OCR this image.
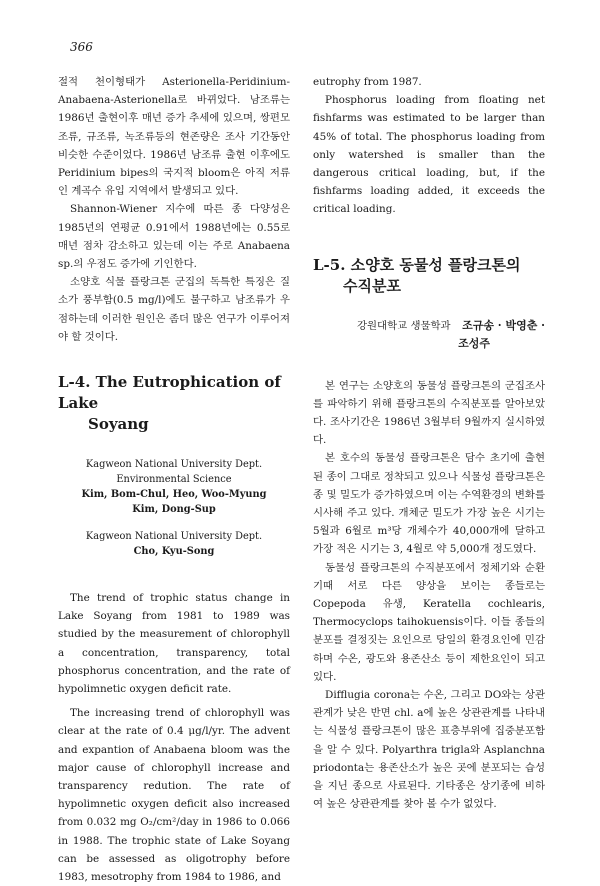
366

절적 천이형태가 Asterionella-Peridinium-Anabaena-Asterionella로 바뀌었다. 남조류는 1986년 출현이후 매년 증가 추세에 있으며, 쌍편모조류, 규조류, 녹조류등의 현존량은 조사 기간동안 비슷한 수준이었다. 1986년 남조류 출현 이후에도 Peridinium bipes의 국지적 bloom은 아직 저류인 계곡수 유입 지역에서 발생되고 있다.

Shannon-Wiener 지수에 따른 종 다양성은 1985년의 연평균 0.91에서 1988년에는 0.55로 매년 점차 감소하고 있는데 이는 주로 Anabaena sp.의 우점도 증가에 기인한다.

소양호 식물 플랑크톤 군집의 독특한 특징은 질소가 풍부함(0.5 mg/l)에도 불구하고 남조류가 우점하는데 이러한 원인은 좀더 많은 연구가 이루어져야 할 것이다.

L-4. The Eutrophication of Lake
Soyang

Kagweon National University Dept.

Environmental Science

Kim, Bom-Chul, Heo, Woo-Myung

Kim, Dong-Sup

Kagweon National University Dept.

Cho, Kyu-Song

The trend of trophic status change in Lake Soyang from 1981 to 1989 was studied by the measurement of chlorophyll a concentration, transparency, total phosphorus concentration, and the rate of hypolimnetic oxygen deficit rate.

The increasing trend of chlorophyll was clear at the rate of 0.4 μg/l/yr. The advent and expantion of Anabaena bloom was the major cause of chlorophyll increase and transparency redution. The rate of hypolimnetic oxygen deficit also increased from 0.032 mg O₂/cm²/day in 1986 to 0.066 in 1988. The trophic state of Lake Soyang can be assessed as oligotrophy before 1983, mesotrophy from 1984 to 1986, and

eutrophy from 1987.

Phosphorus loading from floating net fishfarms was estimated to be larger than 45% of total. The phosphorus loading from only watershed is smaller than the dangerous critical loading, but, if the fishfarms loading added, it exceeds the critical loading.

L-5. 소양호 동물성 플랑크톤의
수직분포

강원대학교 생물학과 조규송 · 박영춘 ·

조성주

본 연구는 소양호의 동물성 플랑크톤의 군집조사를 파악하기 위해 플랑크톤의 수직분포를 알아보았다. 조사기간은 1986년 3월부터 9월까지 실시하였다.

본 호수의 동물성 플랑크톤은 담수 초기에 출현된 종이 그대로 정착되고 있으나 식물성 플랑크톤은 종 및 밀도가 증가하였으며 이는 수역환경의 변화를 시사해 주고 있다. 개체군 밀도가 가장 높은 시기는 5월과 6월로 m³당 개체수가 40,000개에 달하고 가장 적은 시기는 3, 4월로 약 5,000개 정도였다.

동물성 플랑크톤의 수직분포에서 정체기와 순환기때 서로 다른 양상을 보이는 종들로는 Copepoda 유생, Keratella cochlearis, Thermocyclops taihokuensis이다. 이들 종들의 분포를 결정짓는 요인으로 당일의 환경요인에 민감하며 수온, 광도와 용존산소 등이 제한요인이 되고 있다.

Difflugia corona는 수온, 그리고 DO와는 상관관계가 낮은 반면 chl. a에 높은 상관관계를 나타내는 식물성 플랑크톤이 많은 표층부위에 집중분포함을 알 수 있다. Polyarthra trigla와 Asplanchna priodonta는 용존산소가 높은 곳에 분포되는 습성을 지닌 종으로 사료된다. 기타종은 상기종에 비하여 높은 상관관계를 찾아 볼 수가 없었다.
